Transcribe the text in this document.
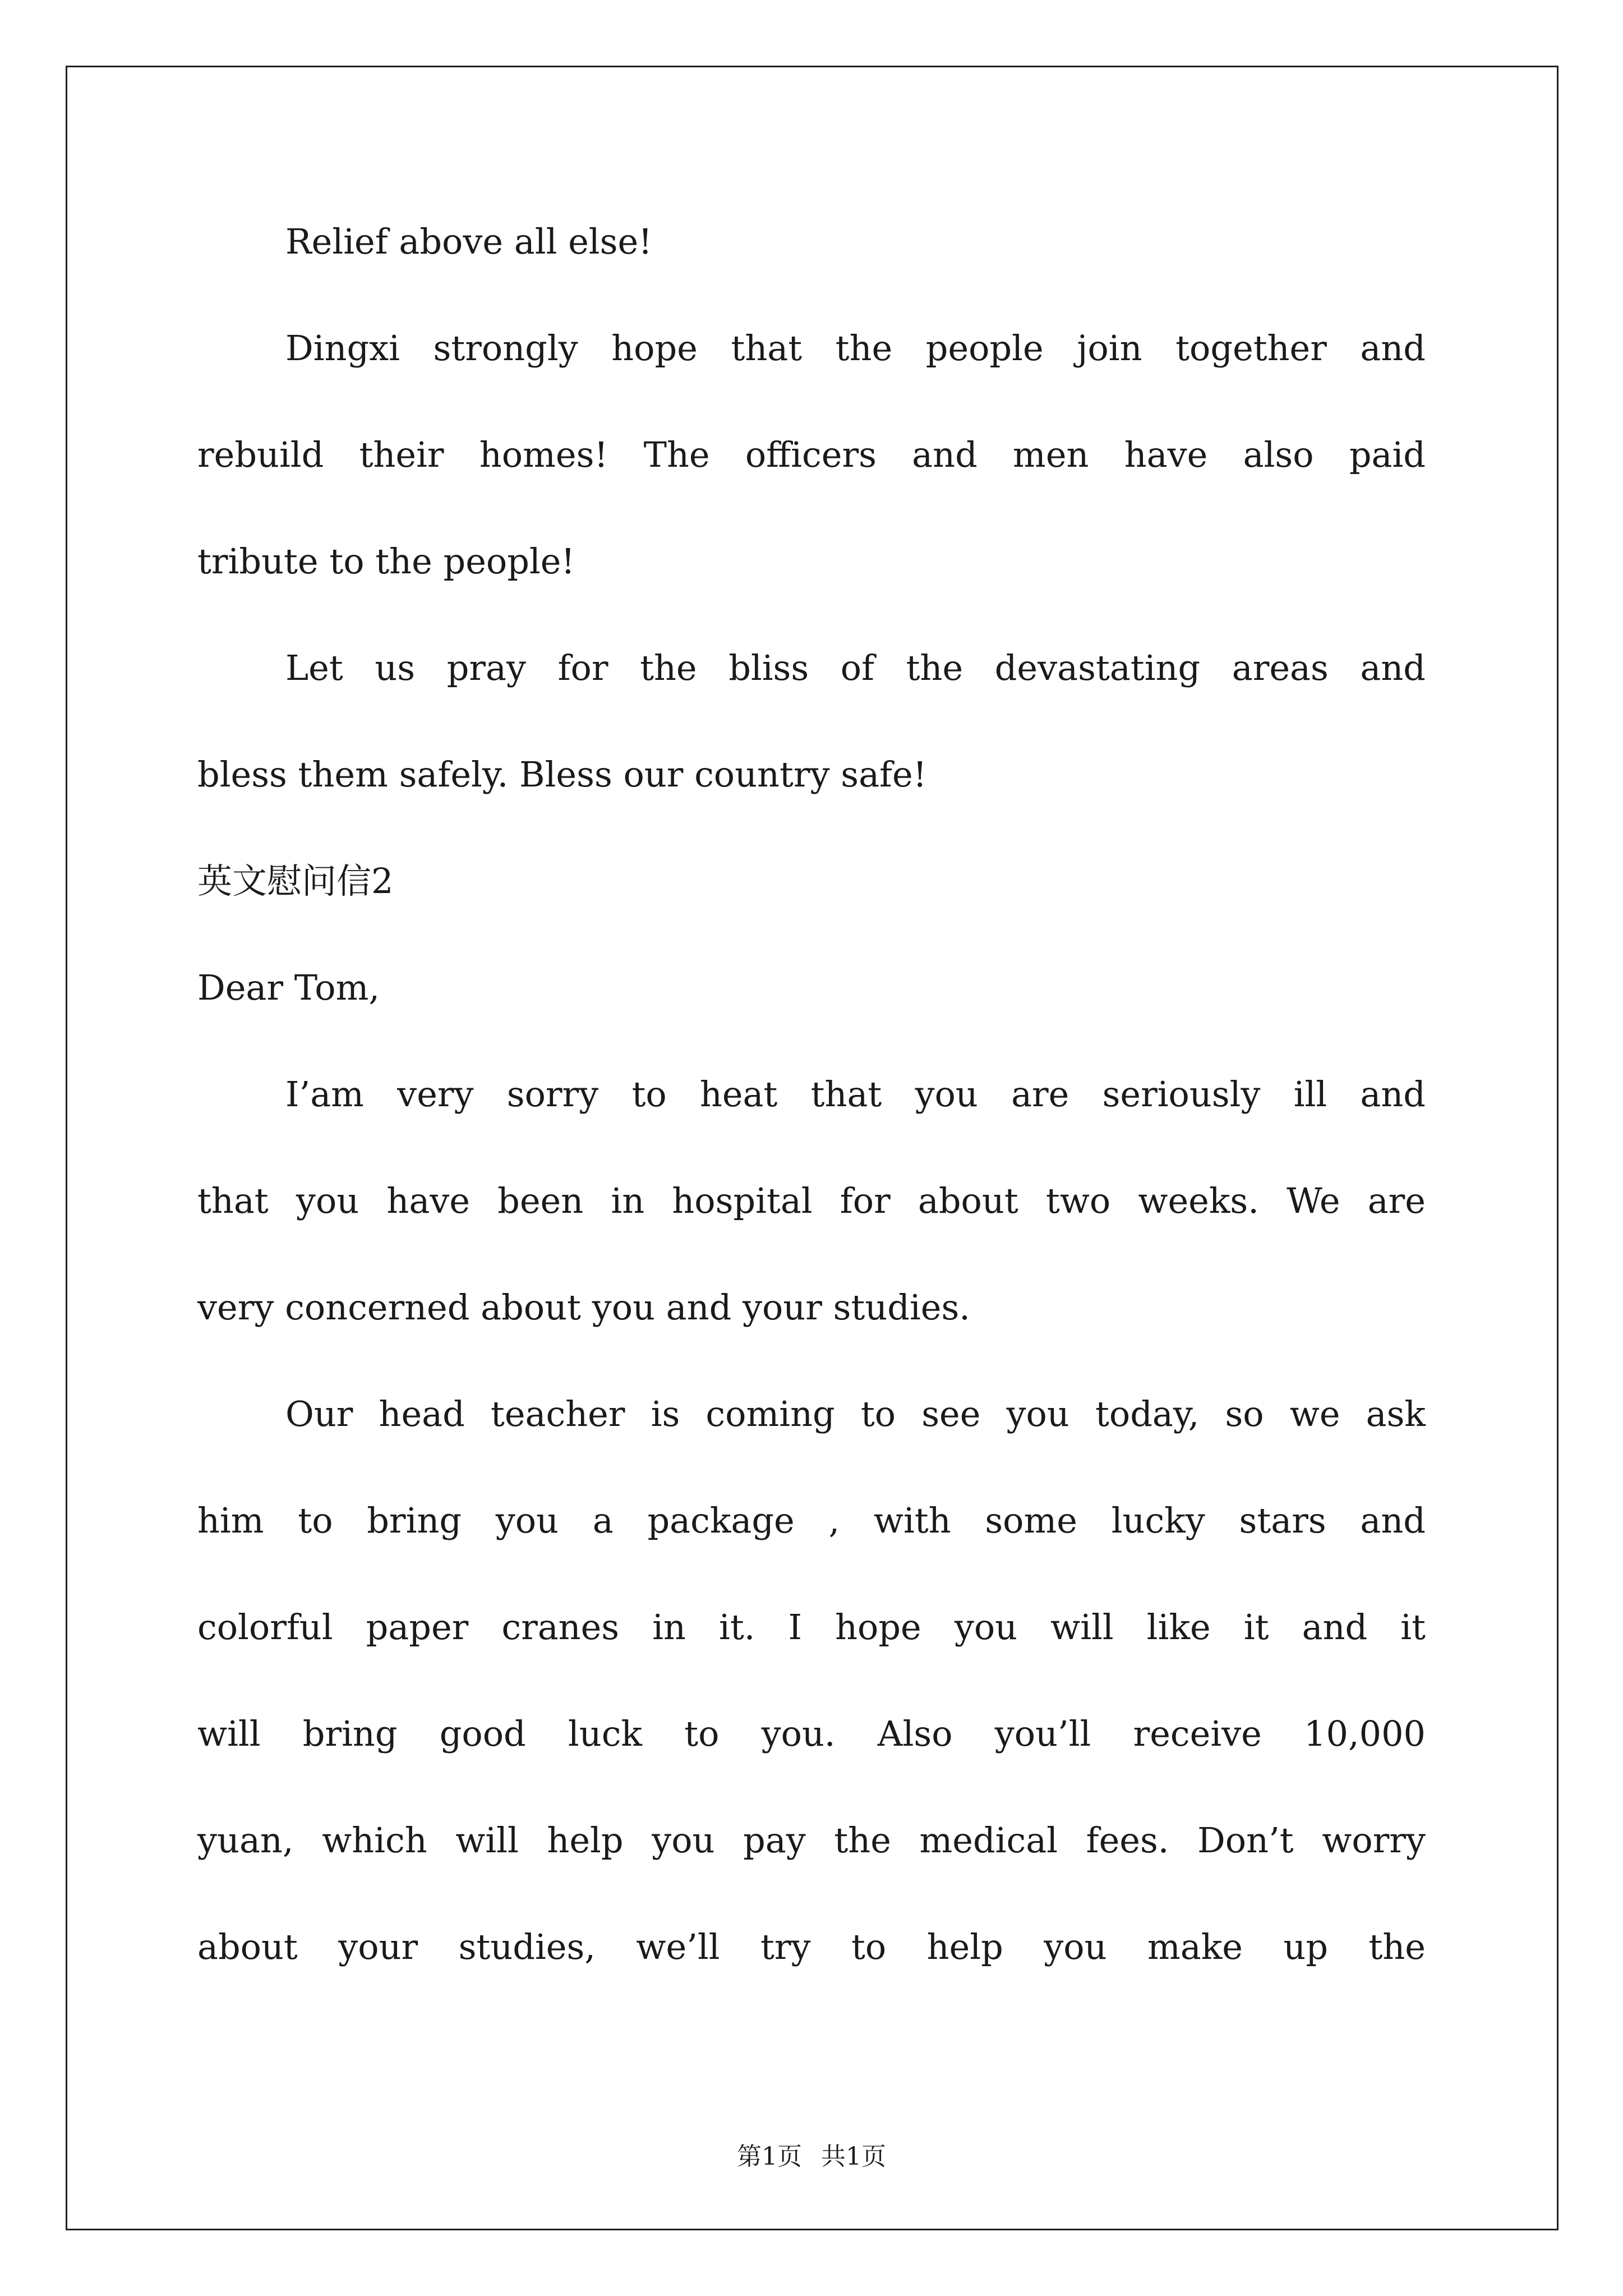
Relief above all else!
Dingxi strongly hope that the people join together and
rebuild their homes! The officers and men have also paid
tribute to the people!
Let us pray for the bliss of the devastating areas and
bless them safely. Bless our country safe!
英文慰问信2
Dear Tom,
I’am very sorry to heat that you are seriously ill and
that you have been in hospital for about two weeks. We are
very concerned about you and your studies.
Our head teacher is coming to see you today, so we ask
him to bring you a package , with some lucky stars and
colorful paper cranes in it. I hope you will like it and it
will bring good luck to you. Also you’ll receive 10,000
yuan, which will help you pay the medical fees. Don’t worry
about your studies, we’ll try to help you make up the
第1页 共1页
